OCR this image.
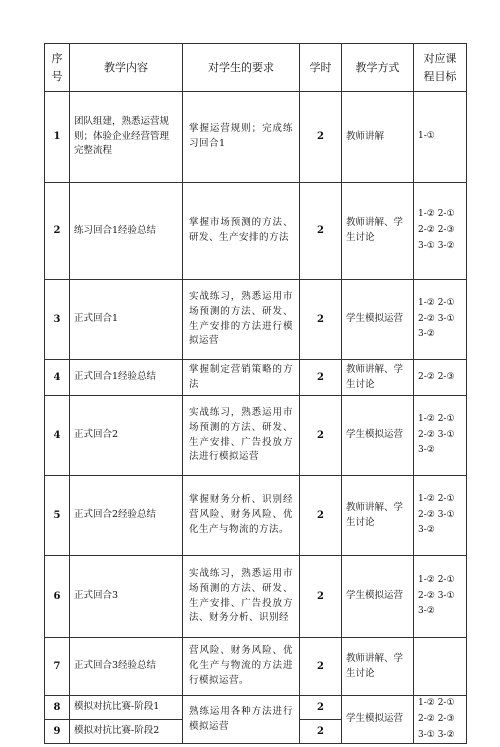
序号	教学内容	对学生的要求	学时	教学方式	对应课程目标
1	团队组建，熟悉运营规则；体验企业经营管理完整流程	掌握运营规则；完成练习回合1	2	教师讲解	1-①
2	练习回合1经验总结	掌握市场预测的方法、研发、生产安排的方法	2	教师讲解、学生讨论	1-② 2-① 2-② 2-③ 3-① 3-②
3	正式回合1	实战练习，熟悉运用市场预测的方法、研发、生产安排的方法进行模 拟运营	2	学生模拟运营	1-② 2-① 2-② 3-① 3-②
4	正式回合1经验总结	掌握制定营销策略的方 法	2	教师讲解、学生讨论	2-② 2-③
4	正式回合2	实战练习，熟悉运用市场预测的方法、研发、生产安排、广告投放方法进行模拟运营	2	学生模拟运营	1-② 2-① 2-② 3-① 3-②
5	正式回合2经验总结	掌握财务分析、识别经营风险、财务风险、优化生产与物流的方法。	2	教师讲解、学生讨论	1-② 2-① 2-② 3-① 3-②
6	正式回合3	实战练习，熟悉运用市场预测的方法、研发、生产安排、广告投放方法、财务分析、识别经	2	学生模拟运营	1-② 2-① 2-② 3-① 3-②
7	正式回合3经验总结	营风险、财务风险、优化生产与物流的方法进行模拟运营。	2	教师讲解、学生讨论	
8	模拟对抗比赛-阶段1	熟练运用各种方法进行模拟运营	2	学生模拟运营	1-② 2-① 2-② 2-③ 3-① 3-②
9	模拟对抗比赛-阶段2		2		
